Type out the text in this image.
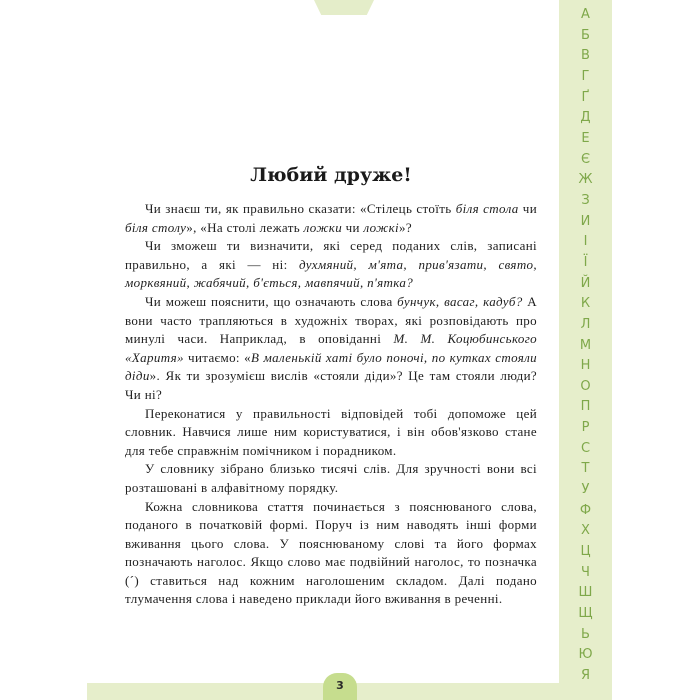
А
Б
В
Г
Ґ
Д
Е
Є
Ж
З
И
І
Ї
Й
К
Л
М
Н
О
П
Р
С
Т
У
Ф
Х
Ц
Ч
Ш
Щ
Ь
Ю
Я
3
Любий друже!

Чи знаєш ти, як правильно сказати: «Стілець стоїть біля стола чи біля столу», «На столі лежать ложки чи ложкі»?

Чи зможеш ти визначити, які серед поданих слів, записані правильно, а які — ні: духмяний, м'ята, прив'язати, свято, морквяний, жабячий, б'ється, мавпячий, п'ятка?

Чи можеш пояснити, що означають слова бунчук, васаг, кадуб? А вони часто трапляються в художніх творах, які розповідають про минулі часи. Наприклад, в оповіданні М. М. Коцюбинського «Харитя» читаємо: «В маленькій хаті було поночі, по кутках стояли діди». Як ти зрозумієш вислів «стояли діди»? Це там стояли люди? Чи ні?

Переконатися у правильності відповідей тобі допоможе цей словник. Навчися лише ним користуватися, і він обов'язково стане для тебе справжнім помічником і порадником.

У словнику зібрано близько тисячі слів. Для зручності вони всі розташовані в алфавітному порядку.

Кожна словникова стаття починається з пояснюваного слова, поданого в початковій формі. Поруч із ним наводять інші форми вживання цього слова. У пояснюваному слові та його формах позначають наголос. Якщо слово має подвійний наголос, то позначка (´) ставиться над кожним наголошеним складом. Далі подано тлумачення слова і наведено приклади його вживання в реченні.
